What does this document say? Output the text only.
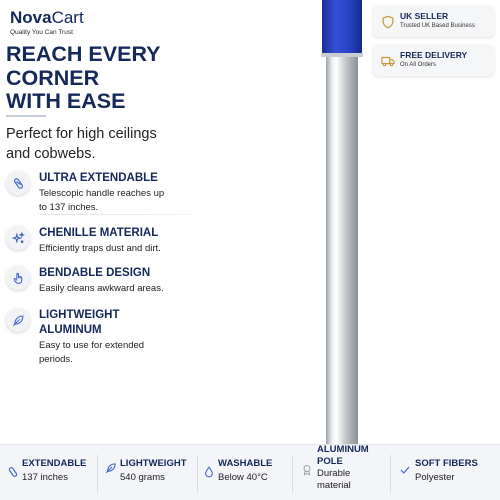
NovaCart
Quality You Can Trust
REACH EVERY
CORNER
WITH EASE
Perfect for high ceilings
and cobwebs.
ULTRA EXTENDABLE
Telescopic handle reaches up
to 137 inches.
CHENILLE MATERIAL
Efficiently traps dust and dirt.
BENDABLE DESIGN
Easily cleans awkward areas.
LIGHTWEIGHT
ALUMINUM
Easy to use for extended
periods.
UK SELLER
Trusted UK Based Business
FREE DELIVERY
On All Orders
EXTENDABLE
137 inches
LIGHTWEIGHT
540 grams
WASHABLE
Below 40°C
ALUMINUM
POLE
Durable
material
SOFT FIBERS
Polyester
